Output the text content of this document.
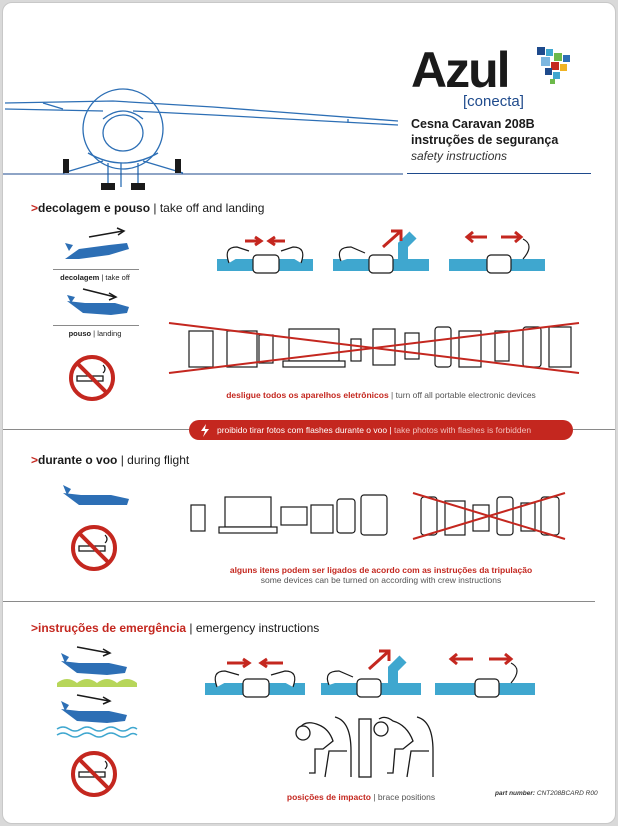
Azul
[conecta]
Cesna Caravan 208B
instruções de segurança
safety instructions
>decolagem e pouso | take off and landing
decolagem | take off
pouso | landing
desligue todos os aparelhos eletrônicos | turn off all portable electronic devices
proibido tirar fotos com flashes durante o voo | take photos with flashes is forbidden
>durante o voo | during flight
alguns itens podem ser ligados de acordo com as instruções da tripulação
some devices can be turned on according with crew instructions
>instruções de emergência | emergency instructions
posições de impacto | brace positions	part number: CNT208BCARD R00
